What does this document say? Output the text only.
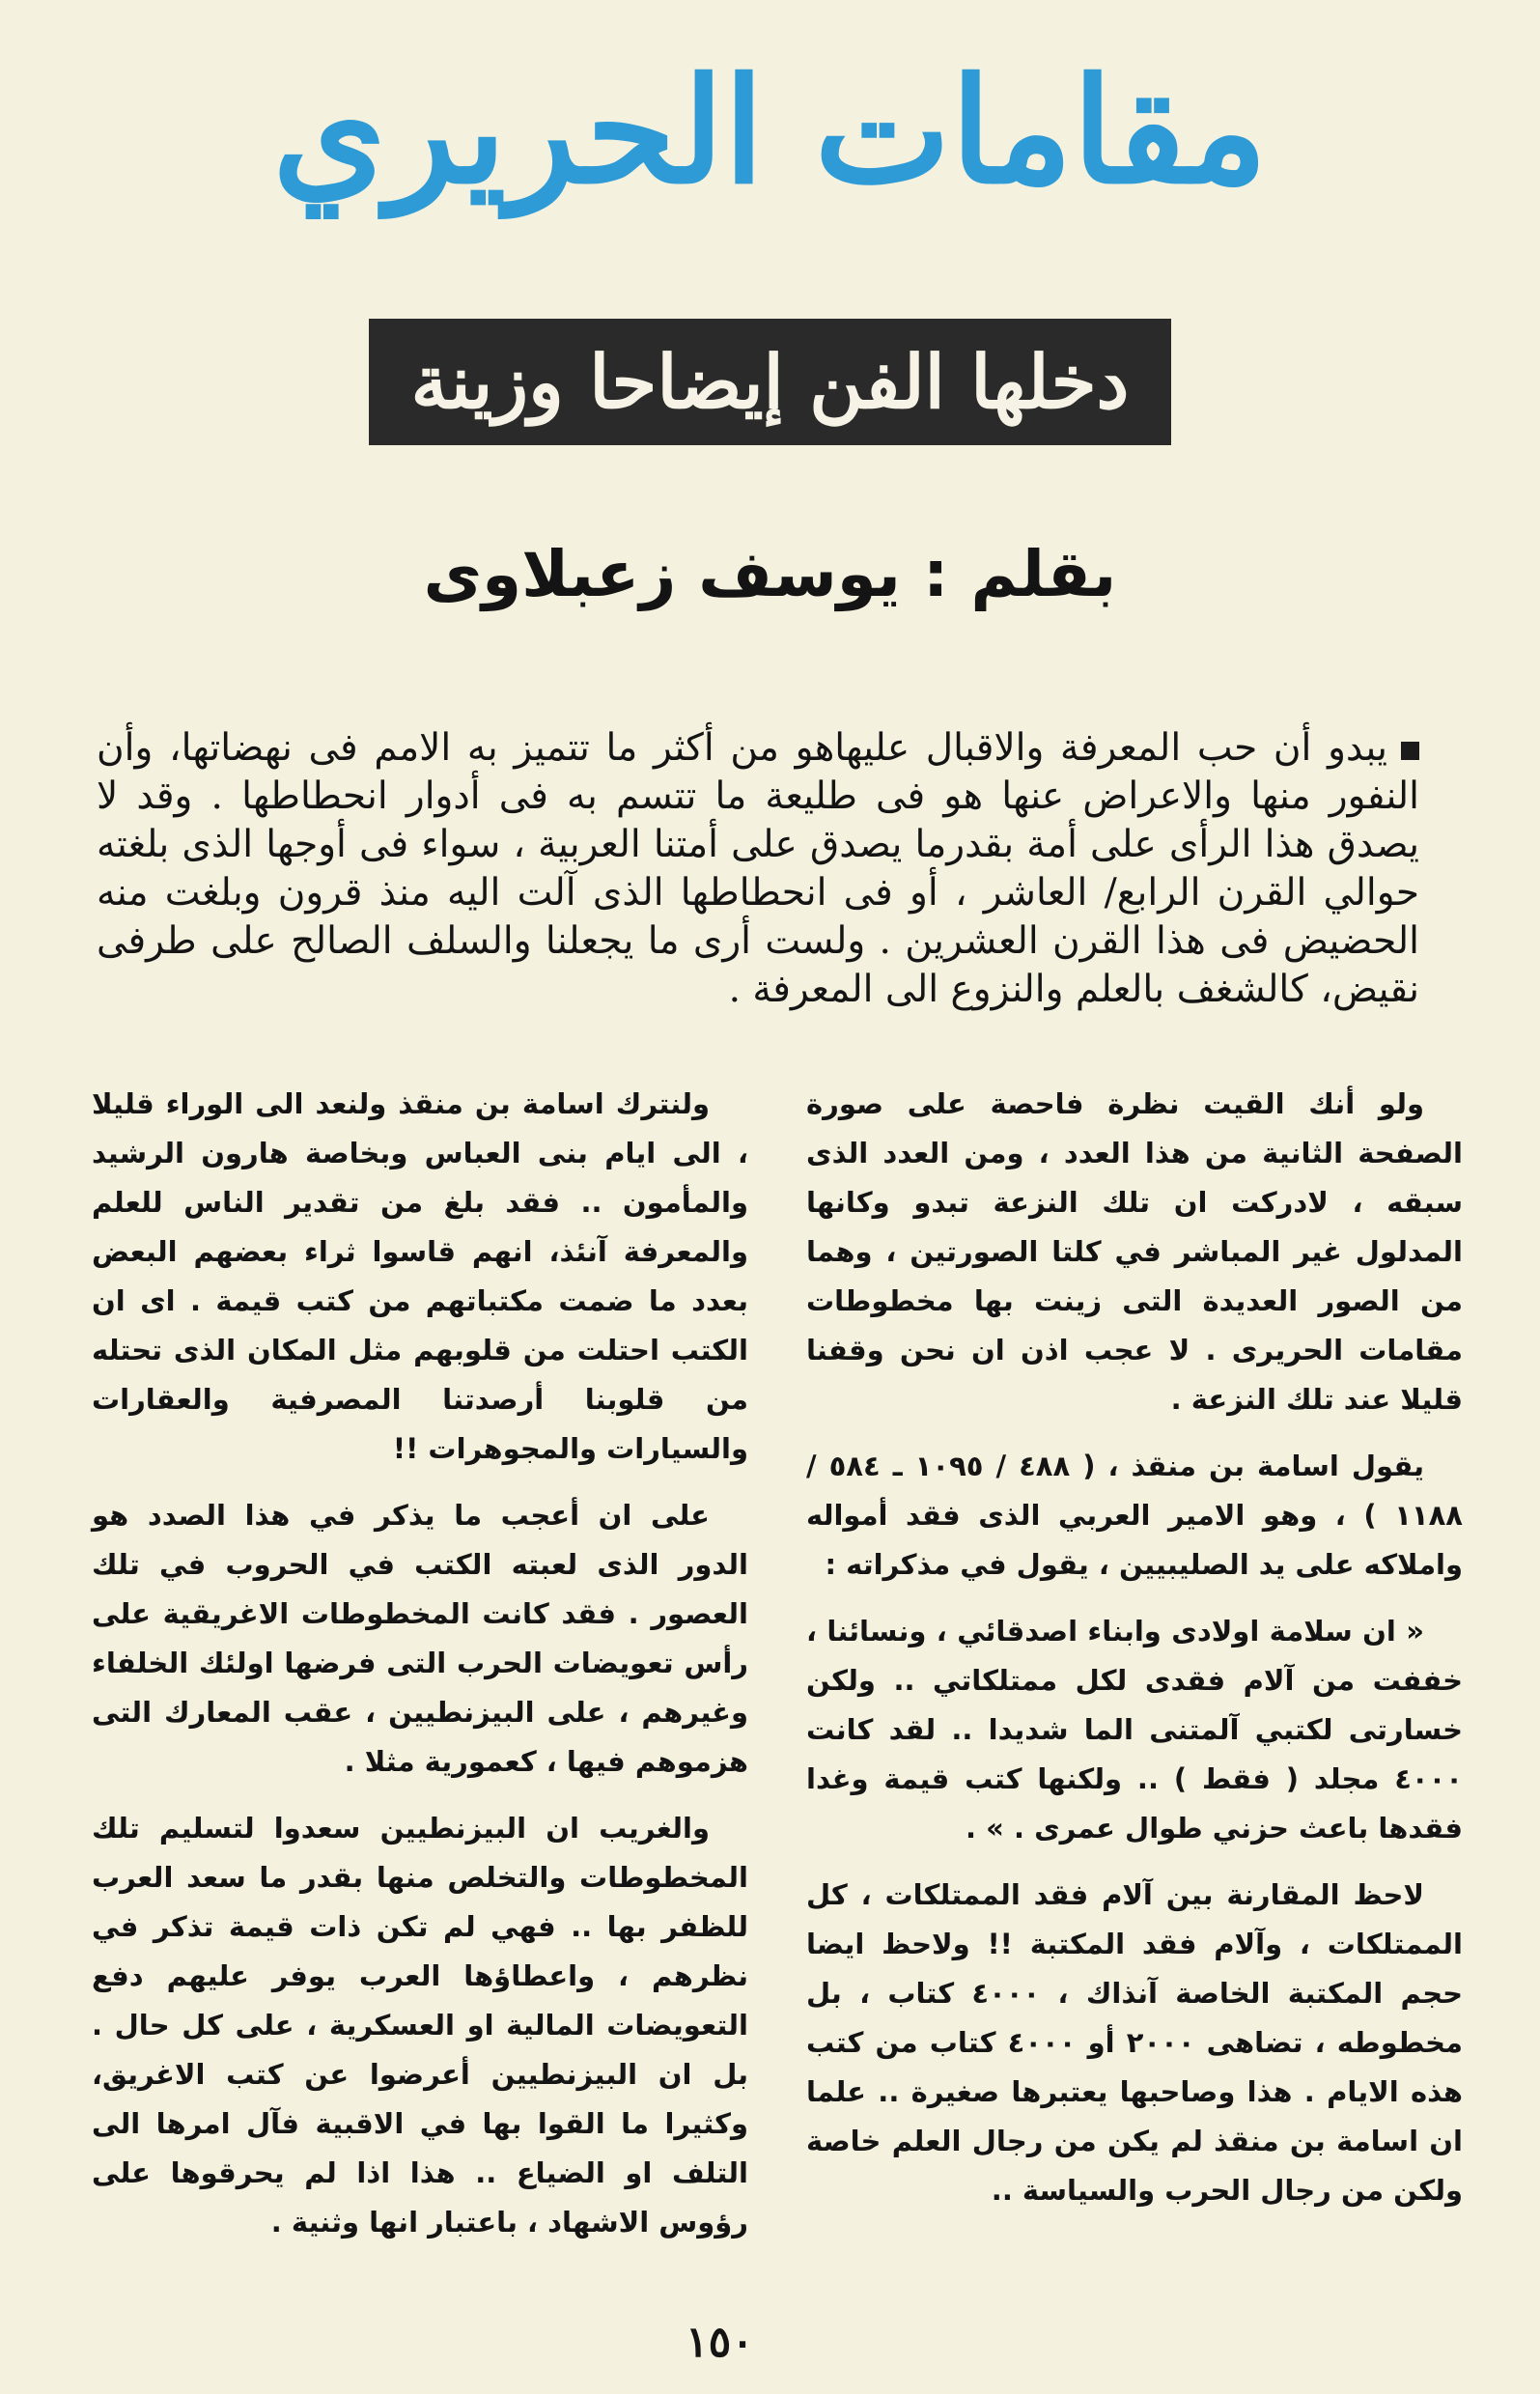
مقامات الحريري
دخلها الفن إيضاحا وزينة
بقلم : يوسف زعبلاوى
يبدو أن حب المعرفة والاقبال عليهاهو من أكثر ما تتميز به الامم فى نهضاتها، وأن النفور منها والاعراض عنها هو فى طليعة ما تتسم به فى أدوار انحطاطها . وقد لا يصدق هذا الرأى على أمة بقدرما يصدق على أمتنا العربية ، سواء فى أوجها الذى بلغته حوالي القرن الرابع/ العاشر ، أو فى انحطاطها الذى آلت اليه منذ قرون وبلغت منه الحضيض فى هذا القرن العشرين . ولست أرى ما يجعلنا والسلف الصالح على طرفى نقيض، كالشغف بالعلم والنزوع الى المعرفة .

ولو أنك القيت نظرة فاحصة على صورة الصفحة الثانية من هذا العدد ، ومن العدد الذى سبقه ، لادركت ان تلك النزعة تبدو وكانها المدلول غير المباشر في كلتا الصورتين ، وهما من الصور العديدة التى زينت بها مخطوطات مقامات الحريرى . لا عجب اذن ان نحن وقفنا قليلا عند تلك النزعة .

يقول اسامة بن منقذ ، ( ٤٨٨ / ١٠٩٥ ـ ٥٨٤ / ١١٨٨ ) ، وهو الامير العربي الذى فقد أمواله واملاكه على يد الصليبيين ، يقول في مذكراته :

« ان سلامة اولادى وابناء اصدقائي ، ونسائنا ، خففت من آلام فقدى لكل ممتلكاتي .. ولكن خسارتى لكتبي آلمتنى الما شديدا .. لقد كانت ٤٠٠٠ مجلد ( فقط ) .. ولكنها كتب قيمة وغدا فقدها باعث حزني طوال عمرى . » .

لاحظ المقارنة بين آلام فقد الممتلكات ، كل الممتلكات ، وآلام فقد المكتبة !! ولاحظ ايضا حجم المكتبة الخاصة آنذاك ، ٤٠٠٠ كتاب ، بل مخطوطه ، تضاهى ٢٠٠٠ أو ٤٠٠٠ كتاب من كتب هذه الايام . هذا وصاحبها يعتبرها صغيرة .. علما ان اسامة بن منقذ لم يكن من رجال العلم خاصة ولكن من رجال الحرب والسياسة ..

ولنترك اسامة بن منقذ ولنعد الى الوراء قليلا ، الى ايام بنى العباس وبخاصة هارون الرشيد والمأمون .. فقد بلغ من تقدير الناس للعلم والمعرفة آنئذ، انهم قاسوا ثراء بعضهم البعض بعدد ما ضمت مكتباتهم من كتب قيمة . اى ان الكتب احتلت من قلوبهم مثل المكان الذى تحتله من قلوبنا أرصدتنا المصرفية والعقارات والسيارات والمجوهرات !!

على ان أعجب ما يذكر في هذا الصدد هو الدور الذى لعبته الكتب في الحروب في تلك العصور . فقد كانت المخطوطات الاغريقية على رأس تعويضات الحرب التى فرضها اولئك الخلفاء وغيرهم ، على البيزنطيين ، عقب المعارك التى هزموهم فيها ، كعمورية مثلا .

والغريب ان البيزنطيين سعدوا لتسليم تلك المخطوطات والتخلص منها بقدر ما سعد العرب للظفر بها .. فهي لم تكن ذات قيمة تذكر في نظرهم ، واعطاؤها العرب يوفر عليهم دفع التعويضات المالية او العسكرية ، على كل حال . بل ان البيزنطيين أعرضوا عن كتب الاغريق، وكثيرا ما القوا بها في الاقبية فآل امرها الى التلف او الضياع .. هذا اذا لم يحرقوها على رؤوس الاشهاد ، باعتبار انها وثنية .

١٥٠
